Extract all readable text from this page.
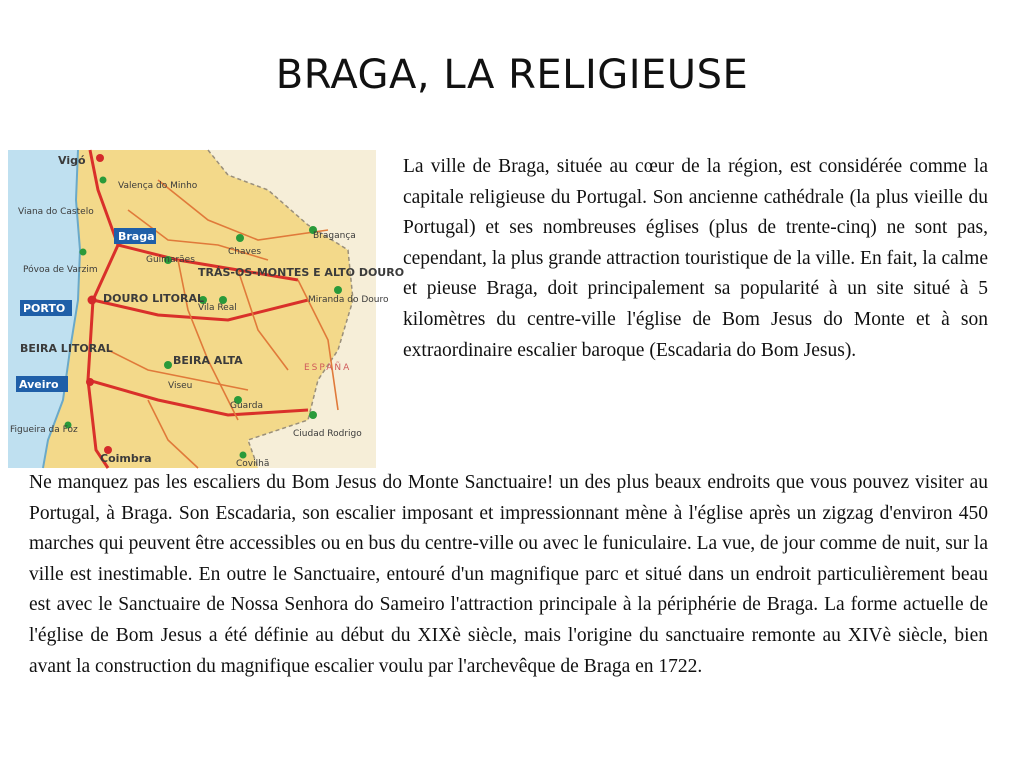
BRAGA, LA RELIGIEUSE
Vigó
Valença do Minho
Viana do Castelo
Braga	Bragança
Chaves
Guimarães
TRÁS-OS-MONTES E ALTO DOURO
Póvoa de Varzim
PORTO
DOURO LITORAL
Vila Real
Miranda do Douro
BEIRA LITORAL
BEIRA ALTA
ESPAÑA
Aveiro	Viseu
Guarda
Figueira da Foz	Ciudad Rodrigo
Coimbra	Covilhã
La ville de Braga, située au cœur de la région, est considérée comme la capitale religieuse du Portugal. Son ancienne cathédrale (la plus vieille du Portugal) et ses nombreuses églises (plus de trente-cinq) ne sont pas, cependant, la plus grande attraction touristique de la ville. En fait, la calme et pieuse Braga, doit principalement sa popularité à un site situé à 5 kilomètres du centre-ville l'église de Bom Jesus do Monte et à son extraordinaire escalier baroque (Escadaria do Bom Jesus).
Ne manquez pas les escaliers du Bom Jesus do Monte Sanctuaire! un des plus beaux endroits que vous pouvez visiter au Portugal, à Braga. Son Escadaria, son escalier imposant et impressionnant mène à l'église après un zigzag d'environ 450 marches qui peuvent être accessibles ou en bus du centre-ville ou avec le funiculaire. La vue, de jour comme de nuit, sur la ville est inestimable. En outre le Sanctuaire, entouré d'un magnifique parc et situé dans un endroit particulièrement beau est avec le Sanctuaire de Nossa Senhora do Sameiro l'attraction principale à la périphérie de Braga. La forme actuelle de l'église de Bom Jesus a été définie au début du XIXè siècle, mais l'origine du sanctuaire remonte au XIVè siècle, bien avant la construction du magnifique escalier voulu par l'archevêque de Braga en 1722.
